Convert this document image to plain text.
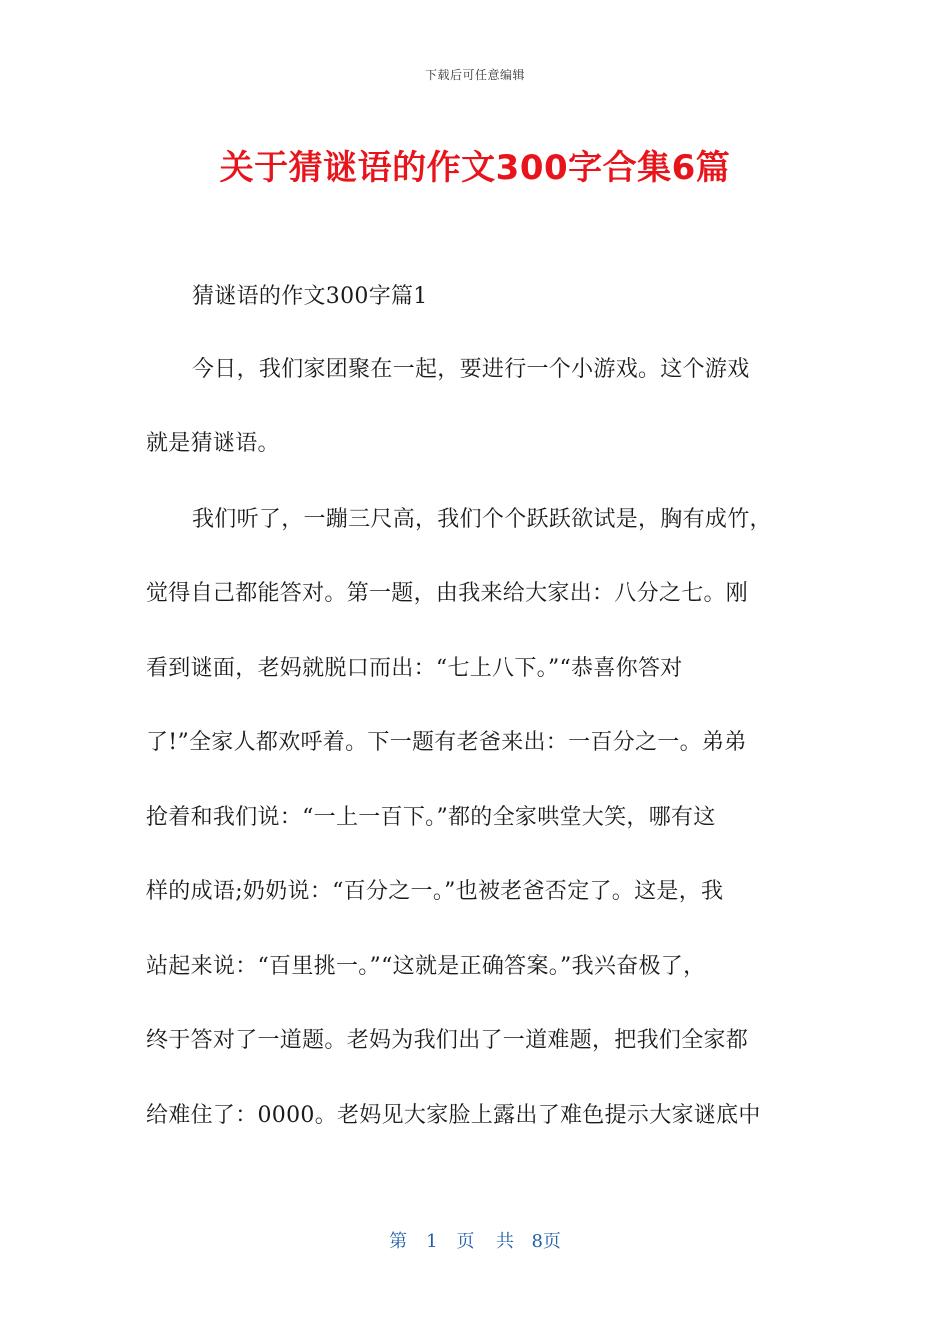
下载后可任意编辑
关于猜谜语的作文300字合集6篇
猜谜语的作文300字篇1
今日，我们家团聚在一起，要进行一个小游戏。这个游戏
就是猜谜语。
我们听了，一蹦三尺高，我们个个跃跃欲试是，胸有成竹，
觉得自己都能答对。第一题，由我来给大家出：八分之七。刚
看到谜面，老妈就脱口而出：“七上八下。”“恭喜你答对
了!”全家人都欢呼着。下一题有老爸来出：一百分之一。弟弟
抢着和我们说：“一上一百下。”都的全家哄堂大笑，哪有这
样的成语;奶奶说：“百分之一。”也被老爸否定了。这是，我
站起来说：“百里挑一。”“这就是正确答案。”我兴奋极了，
终于答对了一道题。老妈为我们出了一道难题，把我们全家都
给难住了：0000。老妈见大家脸上露出了难色提示大家谜底中
第 1 页 共 8页
